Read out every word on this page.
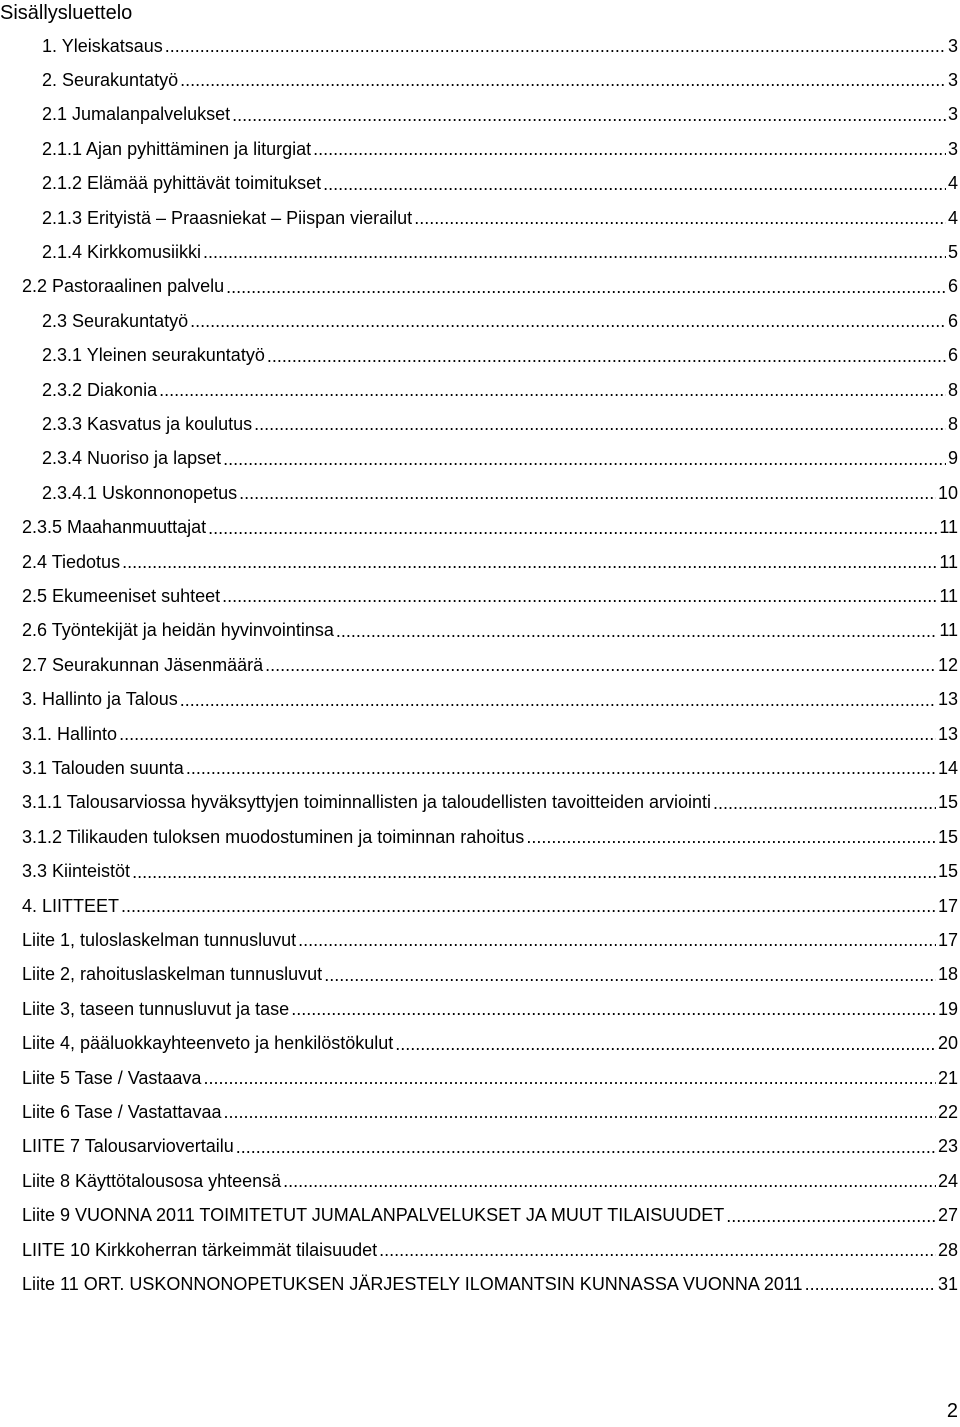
Sisällysluettelo
1. Yleiskatsaus .....	3
2. Seurakuntatyö .....	3
2.1 Jumalanpalvelukset .....	3
2.1.1 Ajan pyhittäminen ja liturgiat .....	3
2.1.2 Elämää pyhittävät toimitukset .....	4
2.1.3 Erityistä – Praasniekat – Piispan vierailut .....	4
2.1.4 Kirkkomusiikki .....	5
2.2 Pastoraalinen palvelu .....	6
2.3 Seurakuntatyö .....	6
2.3.1 Yleinen seurakuntatyö .....	6
2.3.2 Diakonia .....	8
2.3.3 Kasvatus ja koulutus .....	8
2.3.4 Nuoriso ja lapset .....	9
2.3.4.1 Uskonnonopetus .....	10
2.3.5 Maahanmuuttajat .....	11
2.4 Tiedotus .....	11
2.5 Ekumeeniset suhteet .....	11
2.6 Työntekijät ja heidän hyvinvointinsa .....	11
2.7 Seurakunnan Jäsenmäärä .....	12
3. Hallinto ja Talous .....	13
3.1. Hallinto .....	13
3.1 Talouden suunta .....	14
3.1.1 Talousarviossa hyväksyttyjen toiminnallisten ja taloudellisten tavoitteiden arviointi .....	15
3.1.2 Tilikauden tuloksen muodostuminen ja toiminnan rahoitus .....	15
3.3 Kiinteistöt .....	15
4. LIITTEET .....	17
Liite 1, tuloslaskelman tunnusluvut .....	17
Liite 2, rahoituslaskelman tunnusluvut .....	18
Liite 3, taseen tunnusluvut ja tase .....	19
Liite 4, pääluokkayhteenveto ja henkilöstökulut .....	20
Liite 5 Tase / Vastaava .....	21
Liite 6 Tase / Vastattavaa .....	22
LIITE 7 Talousarviovertailu .....	23
Liite 8 Käyttötalousosa yhteensä .....	24
Liite 9 VUONNA 2011 TOIMITETUT JUMALANPALVELUKSET JA MUUT TILAISUUDET .....	27
LIITE 10 Kirkkoherran tärkeimmät tilaisuudet .....	28
Liite 11 ORT. USKONNONOPETUKSEN JÄRJESTELY ILOMANTSIN KUNNASSA VUONNA 2011 .....	31
2
